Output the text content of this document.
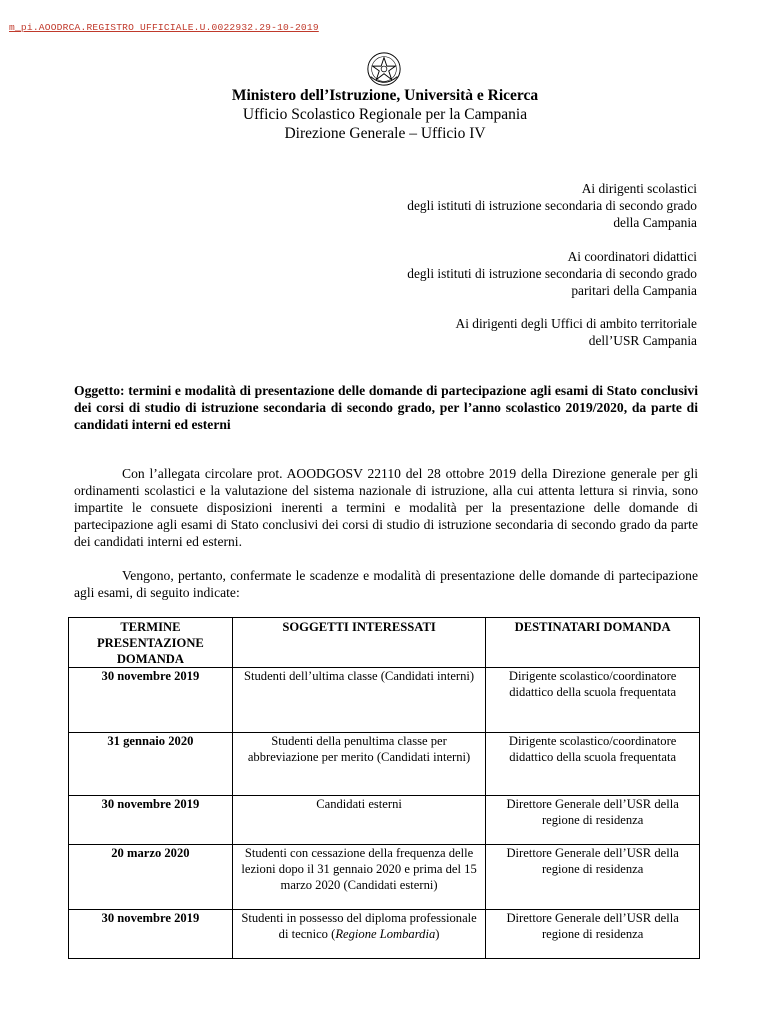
m_pi.AOODRCA.REGISTRO UFFICIALE.U.0022932.29-10-2019
Ministero dell’Istruzione, Università e Ricerca
Ufficio Scolastico Regionale per la Campania
Direzione Generale – Ufficio IV
Ai dirigenti scolastici
degli istituti di istruzione secondaria di secondo grado
della Campania
Ai coordinatori didattici
degli istituti di istruzione secondaria di secondo grado
paritari della Campania
Ai dirigenti degli Uffici di ambito territoriale
dell’USR Campania
Oggetto: termini e modalità di presentazione delle domande di partecipazione agli esami di Stato conclusivi dei corsi di studio di istruzione secondaria di secondo grado, per l’anno scolastico 2019/2020, da parte di candidati interni ed esterni
Con l’allegata circolare prot. AOODGOSV 22110 del 28 ottobre 2019 della Direzione generale per gli ordinamenti scolastici e la valutazione del sistema nazionale di istruzione, alla cui attenta lettura si rinvia, sono impartite le consuete disposizioni inerenti a termini e modalità per la presentazione delle domande di partecipazione agli esami di Stato conclusivi dei corsi di studio di istruzione secondaria di secondo grado da parte dei candidati interni ed esterni.
Vengono, pertanto, confermate le scadenze e modalità di presentazione delle domande di partecipazione agli esami, di seguito indicate:
TERMINE PRESENTAZIONE DOMANDA	SOGGETTI INTERESSATI	DESTINATARI DOMANDA
30 novembre 2019	Studenti dell’ultima classe (Candidati interni)	Dirigente scolastico/coordinatore didattico della scuola frequentata
31 gennaio 2020	Studenti della penultima classe per abbreviazione per merito (Candidati interni)	Dirigente scolastico/coordinatore didattico della scuola frequentata
30 novembre 2019	Candidati esterni	Direttore Generale dell’USR della regione di residenza
20 marzo 2020	Studenti con cessazione della frequenza delle lezioni dopo il 31 gennaio 2020 e prima del 15 marzo 2020 (Candidati esterni)	Direttore Generale dell’USR della regione di residenza
30 novembre 2019	Studenti in possesso del diploma professionale di tecnico (Regione Lombardia)	Direttore Generale dell’USR della regione di residenza
